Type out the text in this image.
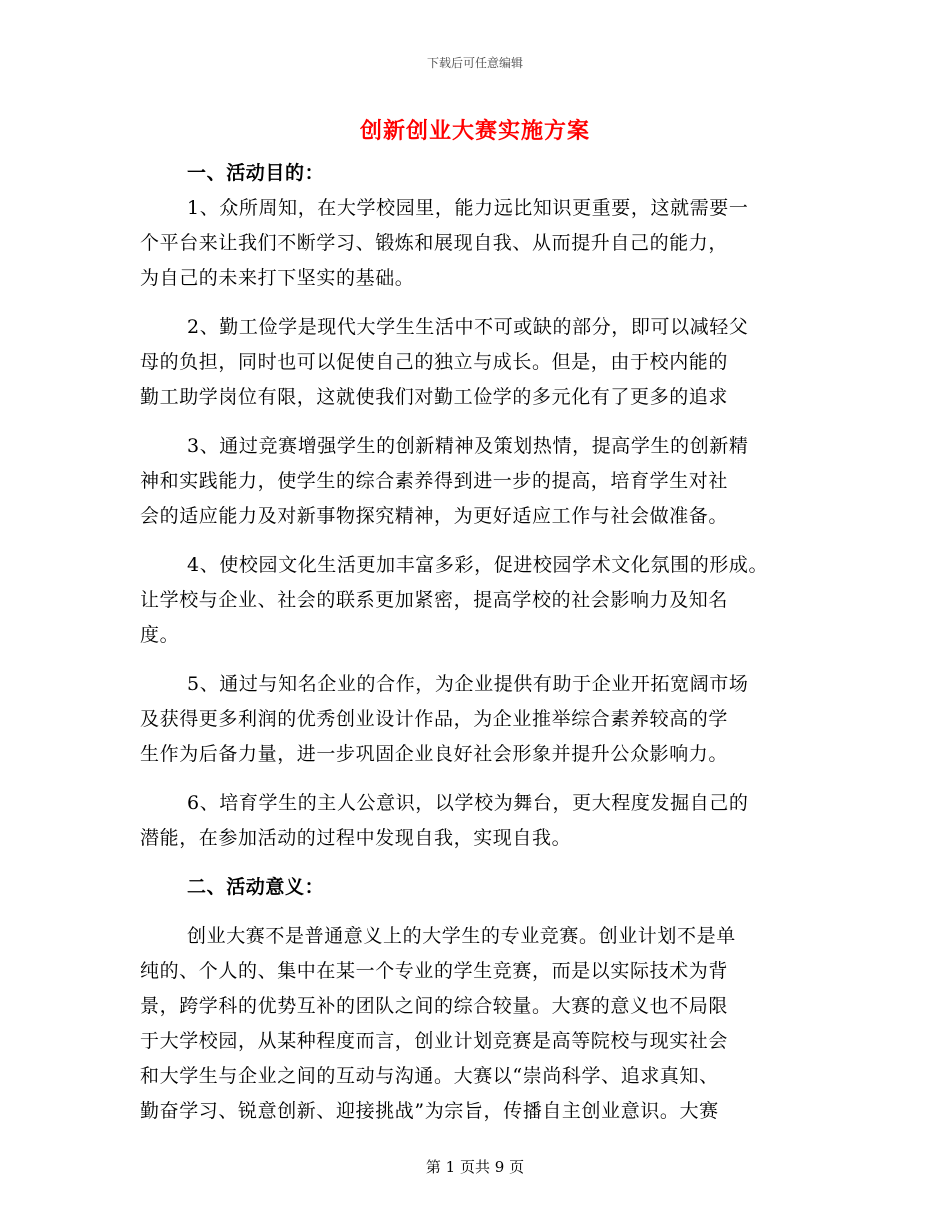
下载后可任意编辑
创新创业大赛实施方案
一、活动目的：
1、众所周知，在大学校园里，能力远比知识更重要，这就需要一
个平台来让我们不断学习、锻炼和展现自我、从而提升自己的能力，
为自己的未来打下坚实的基础。
2、勤工俭学是现代大学生生活中不可或缺的部分，即可以减轻父
母的负担，同时也可以促使自己的独立与成长。但是，由于校内能的
勤工助学岗位有限，这就使我们对勤工俭学的多元化有了更多的追求
3、通过竞赛增强学生的创新精神及策划热情，提高学生的创新精
神和实践能力，使学生的综合素养得到进一步的提高，培育学生对社
会的适应能力及对新事物探究精神，为更好适应工作与社会做准备。
4、使校园文化生活更加丰富多彩，促进校园学术文化氛围的形成。
让学校与企业、社会的联系更加紧密，提高学校的社会影响力及知名
度。
5、通过与知名企业的合作，为企业提供有助于企业开拓宽阔市场
及获得更多利润的优秀创业设计作品，为企业推举综合素养较高的学
生作为后备力量，进一步巩固企业良好社会形象并提升公众影响力。
6、培育学生的主人公意识，以学校为舞台，更大程度发掘自己的
潜能，在参加活动的过程中发现自我，实现自我。
二、活动意义：
创业大赛不是普通意义上的大学生的专业竞赛。创业计划不是单
纯的、个人的、集中在某一个专业的学生竞赛，而是以实际技术为背
景，跨学科的优势互补的团队之间的综合较量。大赛的意义也不局限
于大学校园，从某种程度而言，创业计划竞赛是高等院校与现实社会
和大学生与企业之间的互动与沟通。大赛以“崇尚科学、追求真知、
勤奋学习、锐意创新、迎接挑战”为宗旨，传播自主创业意识。大赛
第 1 页共 9 页
